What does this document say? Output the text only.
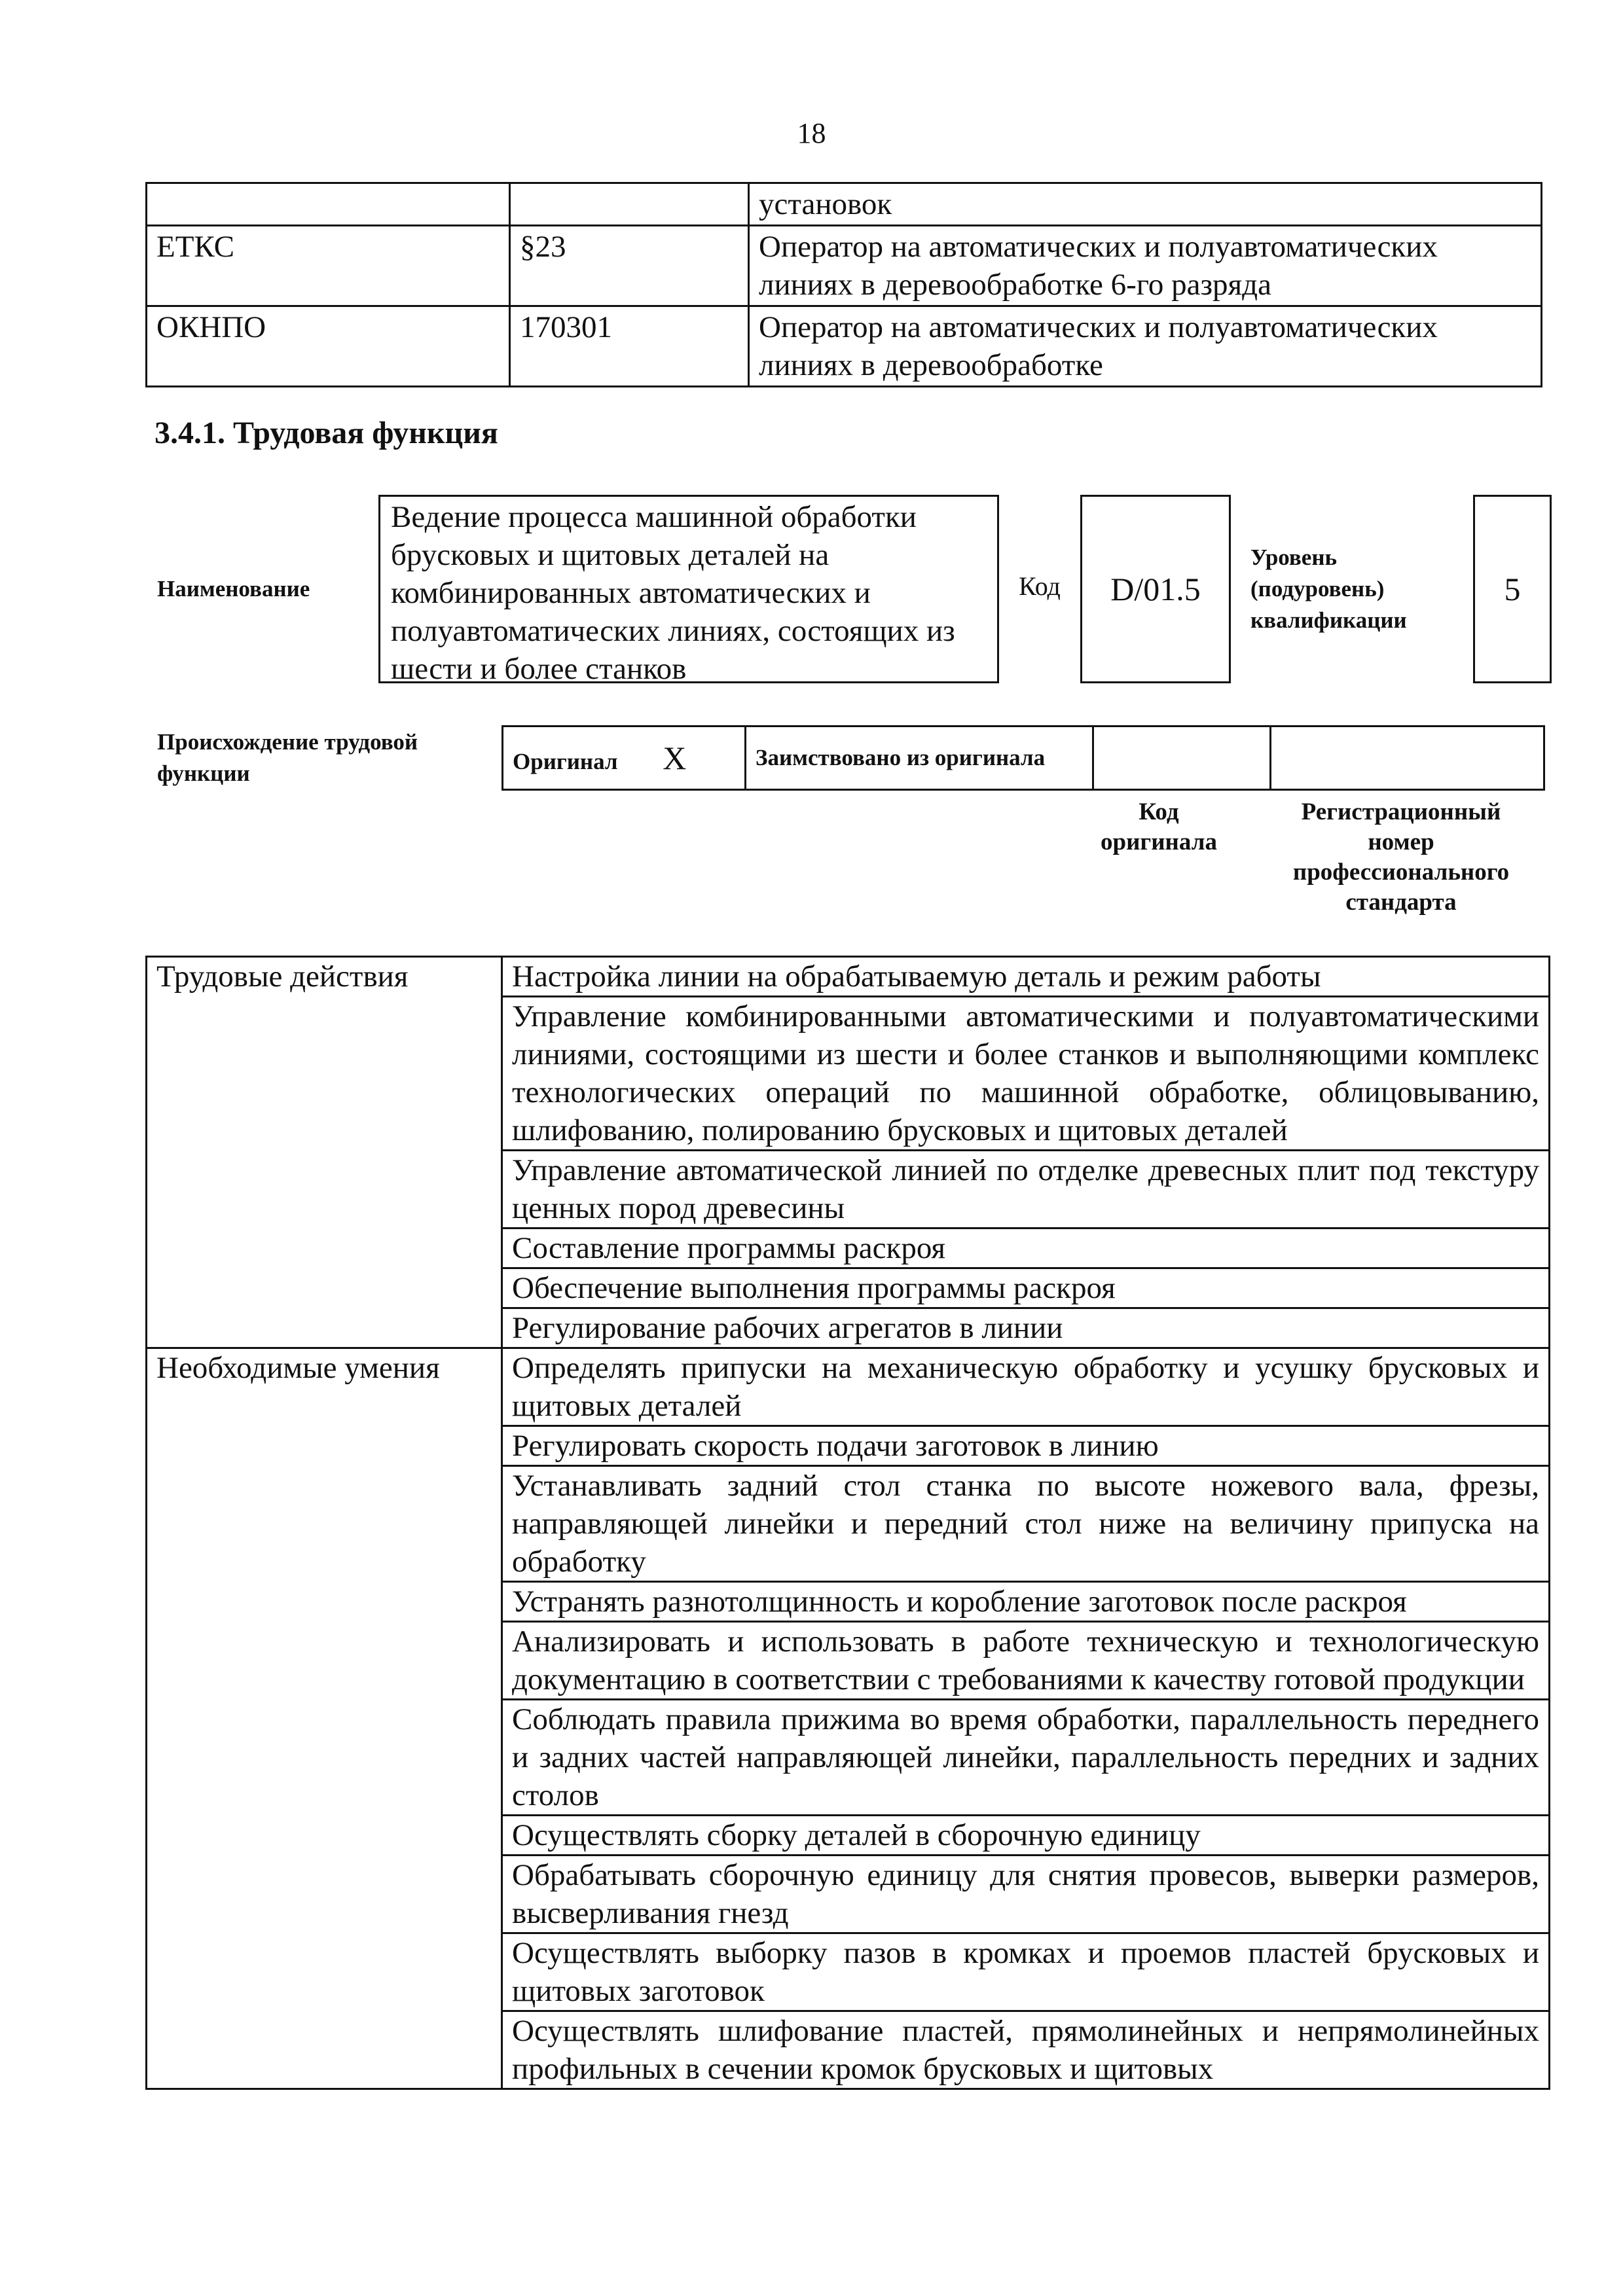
18
		установок
ЕТКС	§23	Оператор на автоматических и полуавтоматических линиях в деревообработке 6-го разряда
ОКНПО	170301	Оператор на автоматических и полуавтоматических линиях в деревообработке
3.4.1. Трудовая функция
Наименование
Ведение процесса машинной обработки брусковых и щитовых деталей на комбинированных автоматических и полуавтоматических линиях, состоящих из шести и более станков
Код	D/01.5
Уровень (подуровень) квалификации
5
Происхождение трудовой функции	Оригинал X	Заимствовано из оригинала		
Код оригинала
Регистрационный номер профессионального стандарта
Трудовые действия	Настройка линии на обрабатываемую деталь и режим работы
	Управление комбинированными автоматическими и полуавтоматическими линиями, состоящими из шести и более станков и выполняющими комплекс технологических операций по машинной обработке, облицовыванию, шлифованию, полированию брусковых и щитовых деталей
	Управление автоматической линией по отделке древесных плит под текстуру ценных пород древесины
	Составление программы раскроя
	Обеспечение выполнения программы раскроя
	Регулирование рабочих агрегатов в линии
Необходимые умения	Определять припуски на механическую обработку и усушку брусковых и щитовых деталей
	Регулировать скорость подачи заготовок в линию
	Устанавливать задний стол станка по высоте ножевого вала, фрезы, направляющей линейки и передний стол ниже на величину припуска на обработку
	Устранять разнотолщинность и коробление заготовок после раскроя
	Анализировать и использовать в работе техническую и технологическую документацию в соответствии с требованиями к качеству готовой продукции
	Соблюдать правила прижима во время обработки, параллельность переднего и задних частей направляющей линейки, параллельность передних и задних столов
	Осуществлять сборку деталей в сборочную единицу
	Обрабатывать сборочную единицу для снятия провесов, выверки размеров, высверливания гнезд
	Осуществлять выборку пазов в кромках и проемов пластей брусковых и щитовых заготовок
	Осуществлять шлифование пластей, прямолинейных и непрямолинейных профильных в сечении кромок брусковых и щитовых
